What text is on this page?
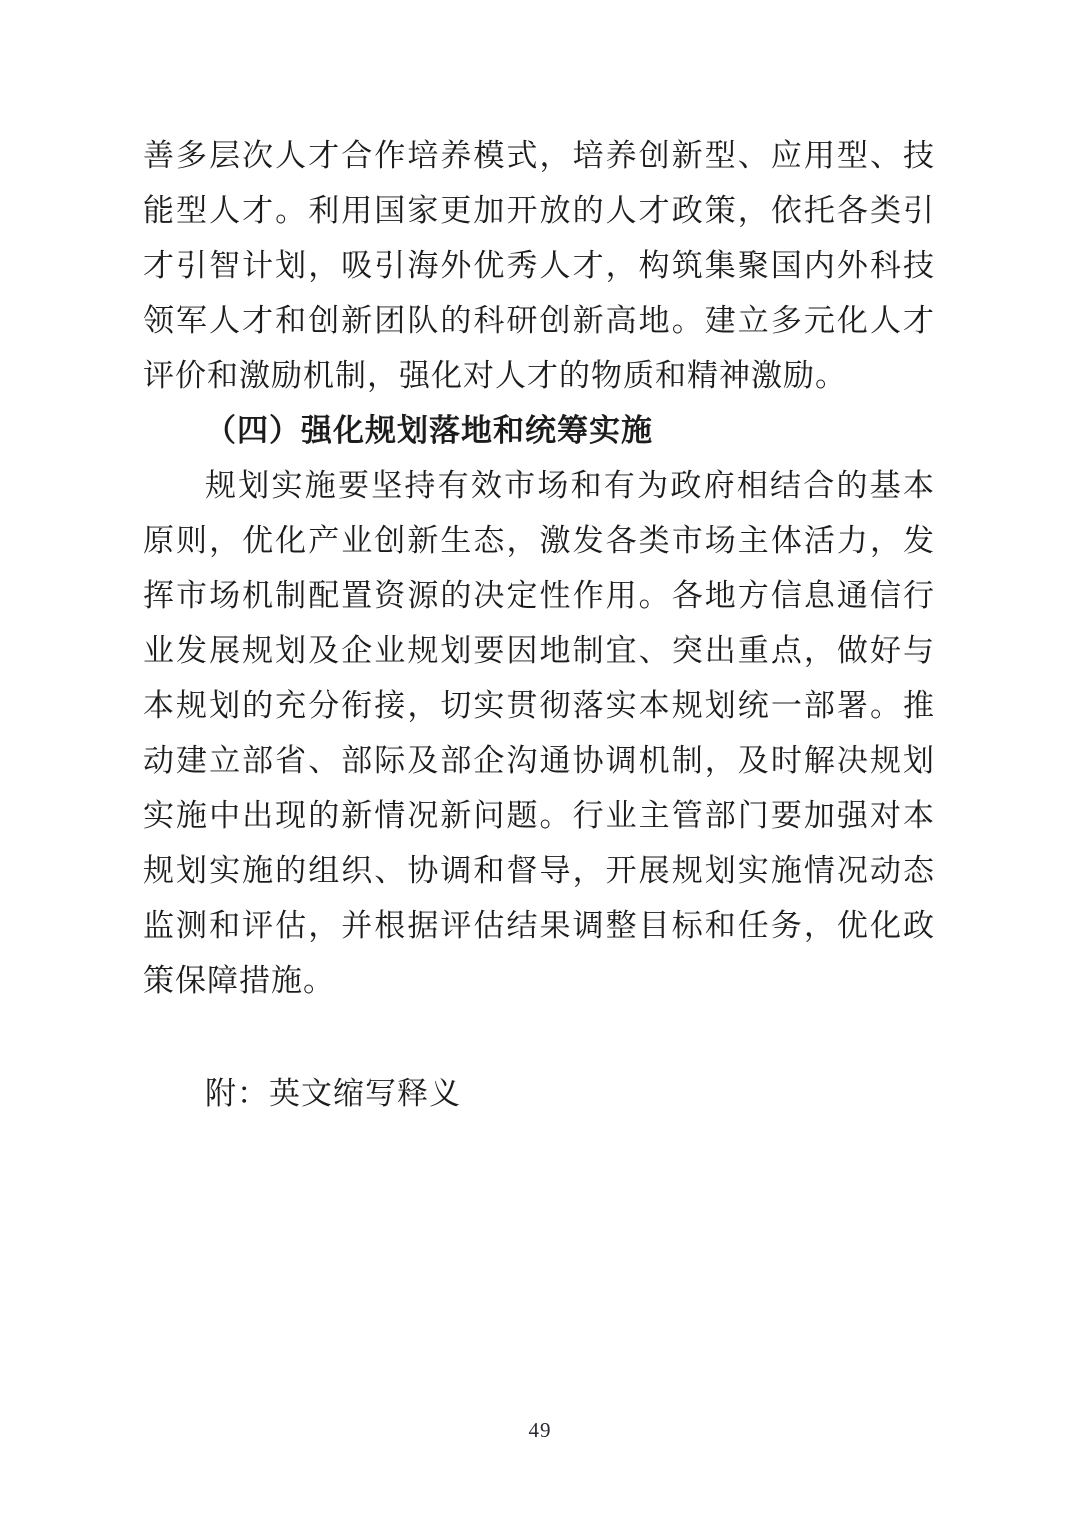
善多层次人才合作培养模式，培养创新型、应用型、技能型人才。利用国家更加开放的人才政策，依托各类引才引智计划，吸引海外优秀人才，构筑集聚国内外科技领军人才和创新团队的科研创新高地。建立多元化人才评价和激励机制，强化对人才的物质和精神激励。

（四）强化规划落地和统筹实施

规划实施要坚持有效市场和有为政府相结合的基本原则，优化产业创新生态，激发各类市场主体活力，发挥市场机制配置资源的决定性作用。各地方信息通信行业发展规划及企业规划要因地制宜、突出重点，做好与本规划的充分衔接，切实贯彻落实本规划统一部署。推动建立部省、部际及部企沟通协调机制，及时解决规划实施中出现的新情况新问题。行业主管部门要加强对本规划实施的组织、协调和督导，开展规划实施情况动态监测和评估，并根据评估结果调整目标和任务，优化政策保障措施。

附：英文缩写释义

49
